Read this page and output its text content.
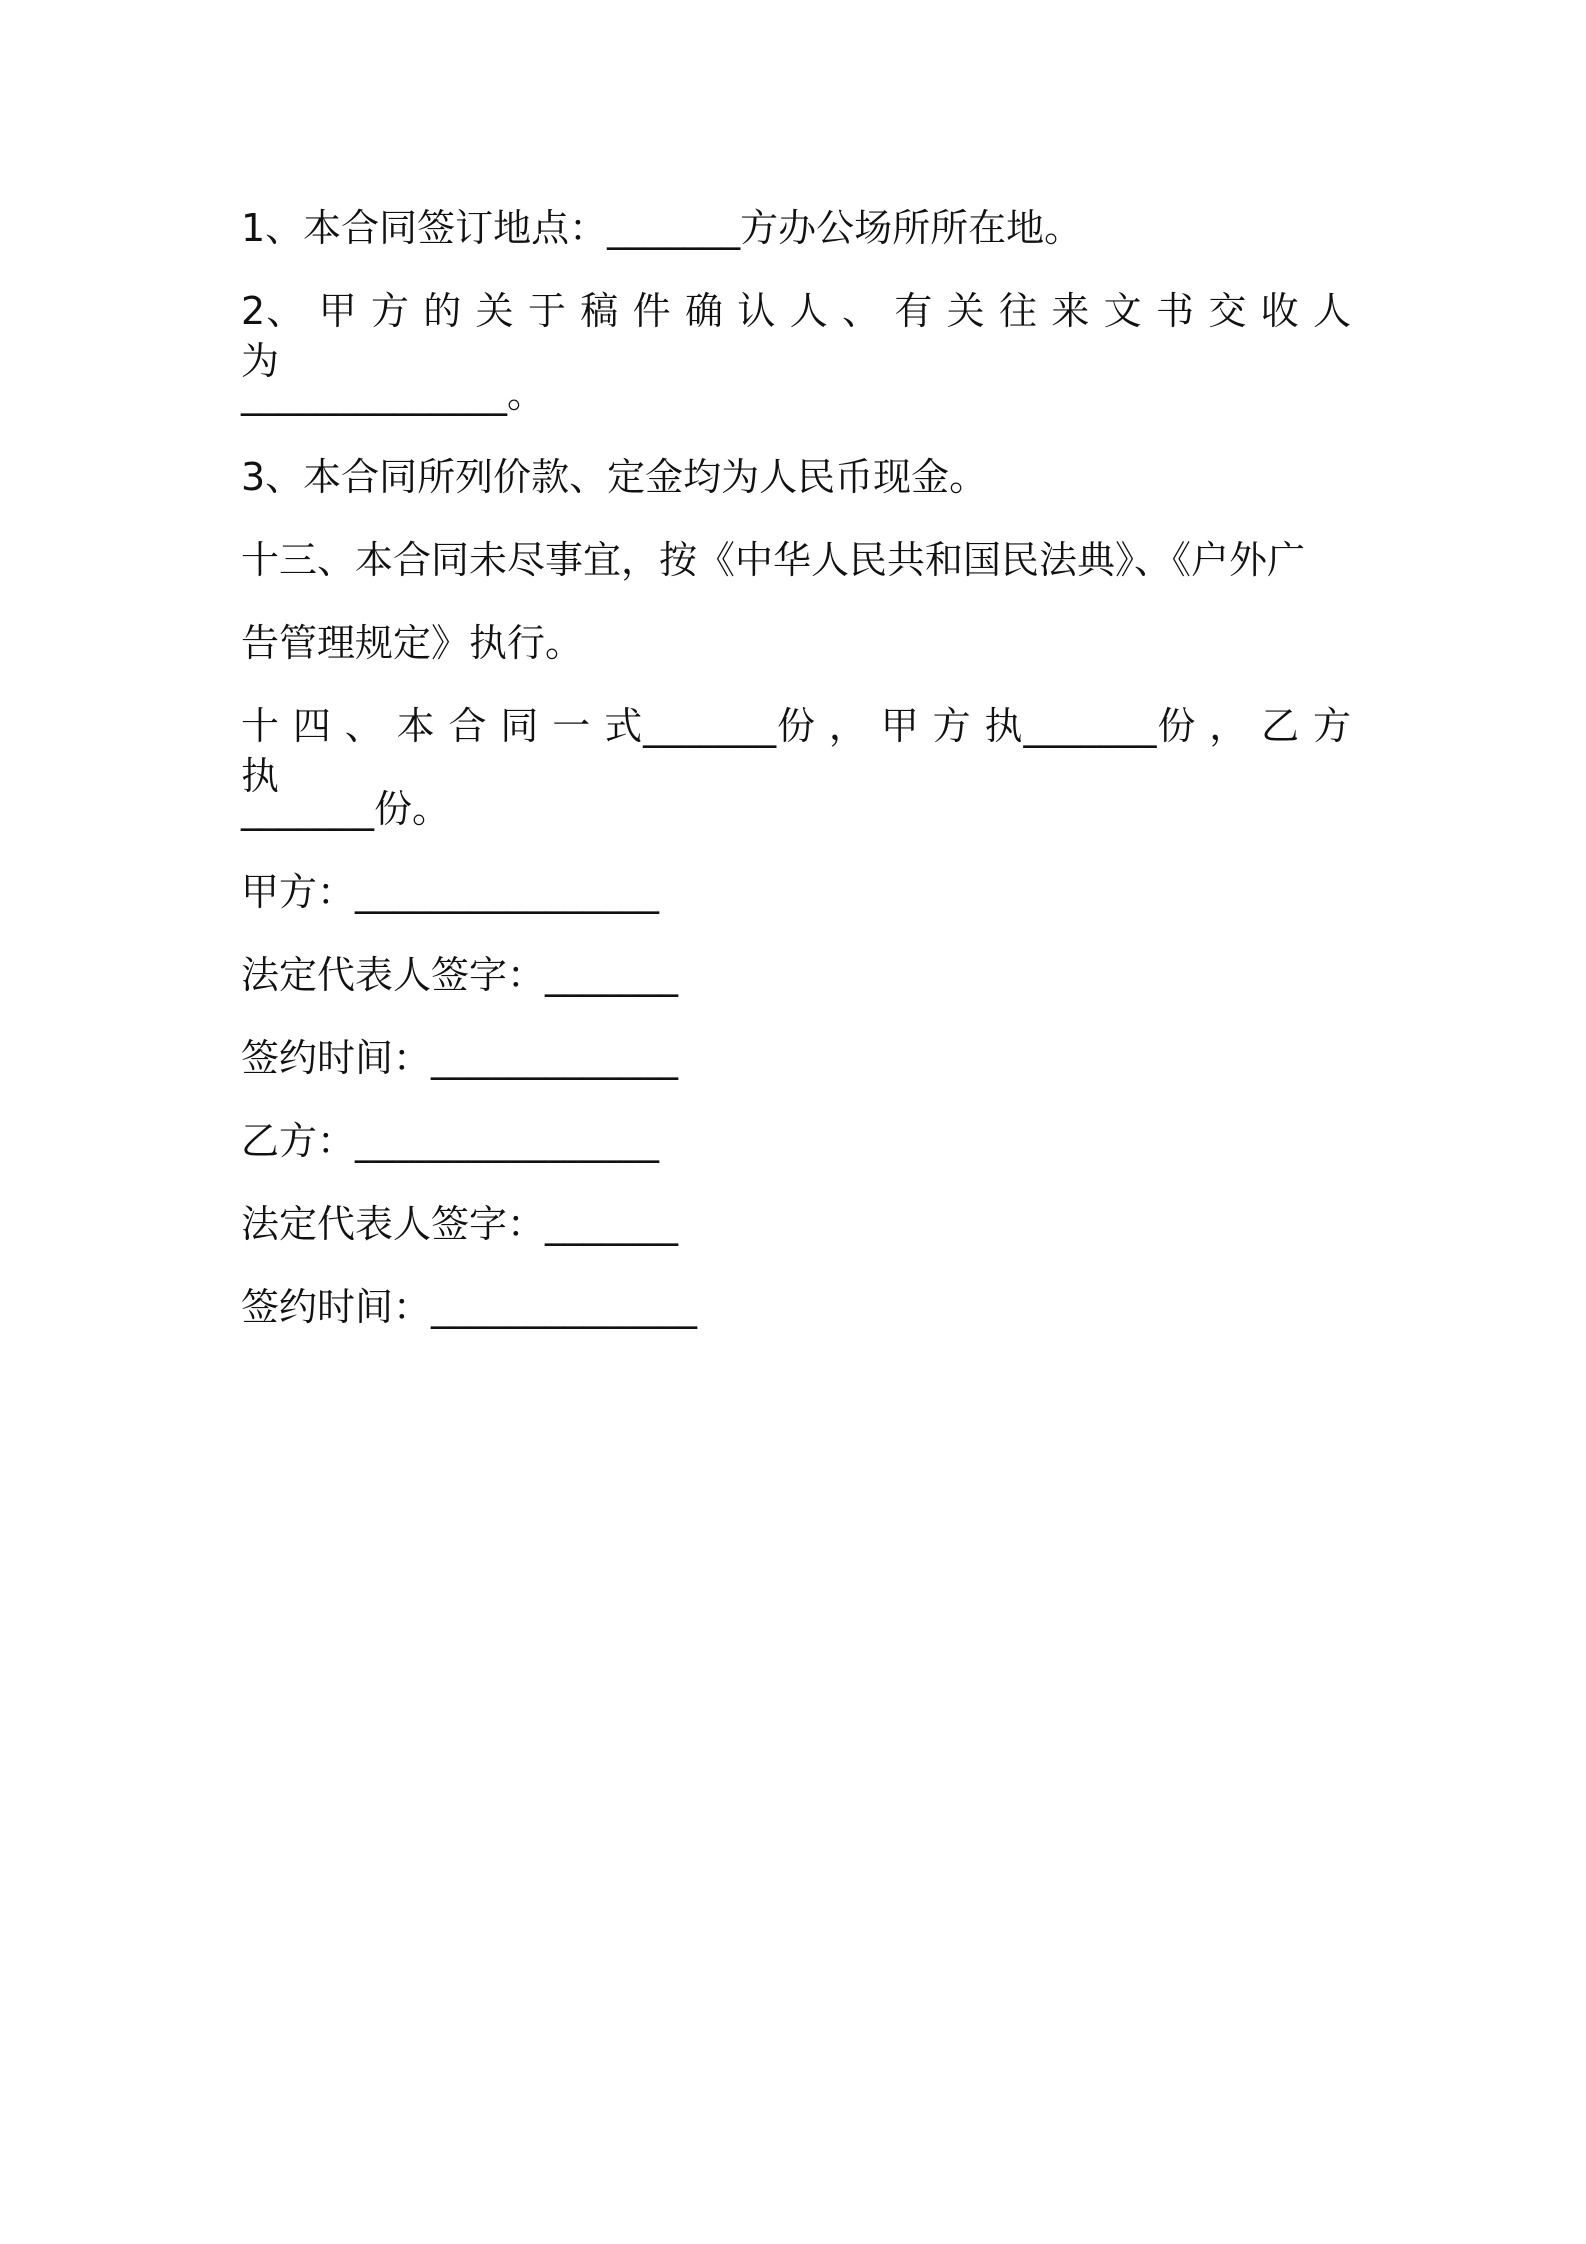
1、本合同签订地点：_______方办公场所所在地。

2、 甲 方 的 关 于 稿 件 确 认 人 、 有 关 往 来 文 书 交 收 人 为

______________。

3、本合同所列价款、定金均为人民币现金。

十三、本合同未尽事宜，按《中华人民共和国民法典》、《户外广

告管理规定》执行。

十 四 、 本 合 同 一 式_______份 ， 甲 方 执_______份 ， 乙 方 执

_______份。

甲方：________________

法定代表人签字：_______

签约时间：_____________

乙方：________________

法定代表人签字：_______

签约时间：______________
